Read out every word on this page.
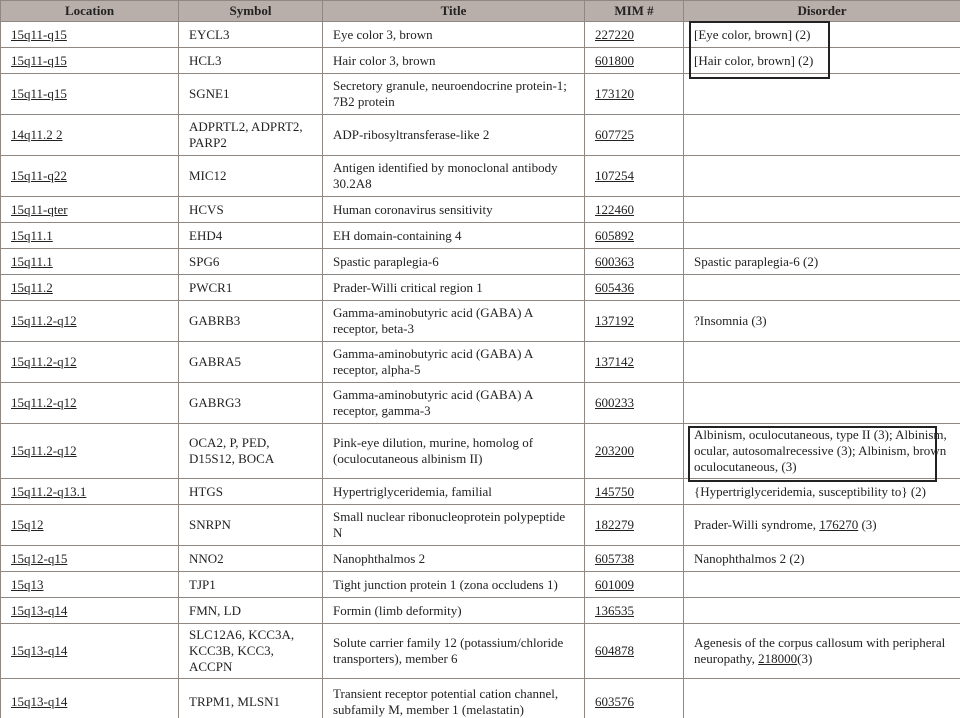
Location	Symbol	Title	MIM #	Disorder
15q11-q15	EYCL3	Eye color 3, brown	227220	[Eye color, brown] (2)
15q11-q15	HCL3	Hair color 3, brown	601800	[Hair color, brown] (2)
15q11-q15	SGNE1	Secretory granule, neuroendocrine protein-1; 7B2 protein	173120	
14q11.2 2	ADPRTL2, ADPRT2, PARP2	ADP-ribosyltransferase-like 2	607725	
15q11-q22	MIC12	Antigen identified by monoclonal antibody 30.2A8	107254	
15q11-qter	HCVS	Human coronavirus sensitivity	122460	
15q11.1	EHD4	EH domain-containing 4	605892	
15q11.1	SPG6	Spastic paraplegia-6	600363	Spastic paraplegia-6 (2)
15q11.2	PWCR1	Prader-Willi critical region 1	605436	
15q11.2-q12	GABRB3	Gamma-aminobutyric acid (GABA) A receptor, beta-3	137192	?Insomnia (3)
15q11.2-q12	GABRA5	Gamma-aminobutyric acid (GABA) A receptor, alpha-5	137142	
15q11.2-q12	GABRG3	Gamma-aminobutyric acid (GABA) A receptor, gamma-3	600233	
15q11.2-q12	OCA2, P, PED, D15S12, BOCA	Pink-eye dilution, murine, homolog of (oculocutaneous albinism II)	203200	Albinism, oculocutaneous, type II (3); Albinism, ocular, autosomalrecessive (3); Albinism, brown oculocutaneous, (3)
15q11.2-q13.1	HTGS	Hypertriglyceridemia, familial	145750	{Hypertriglyceridemia, susceptibility to} (2)
15q12	SNRPN	Small nuclear ribonucleoprotein polypeptide N	182279	Prader-Willi syndrome, 176270 (3)
15q12-q15	NNO2	Nanophthalmos 2	605738	Nanophthalmos 2 (2)
15q13	TJP1	Tight junction protein 1 (zona occludens 1)	601009	
15q13-q14	FMN, LD	Formin (limb deformity)	136535	
15q13-q14	SLC12A6, KCC3A, KCC3B, KCC3, ACCPN	Solute carrier family 12 (potassium/chloride transporters), member 6	604878	Agenesis of the corpus callosum with peripheral neuropathy, 218000(3)
15q13-q14	TRPM1, MLSN1	Transient receptor potential cation channel, subfamily M, member 1 (melastatin)	603576	
